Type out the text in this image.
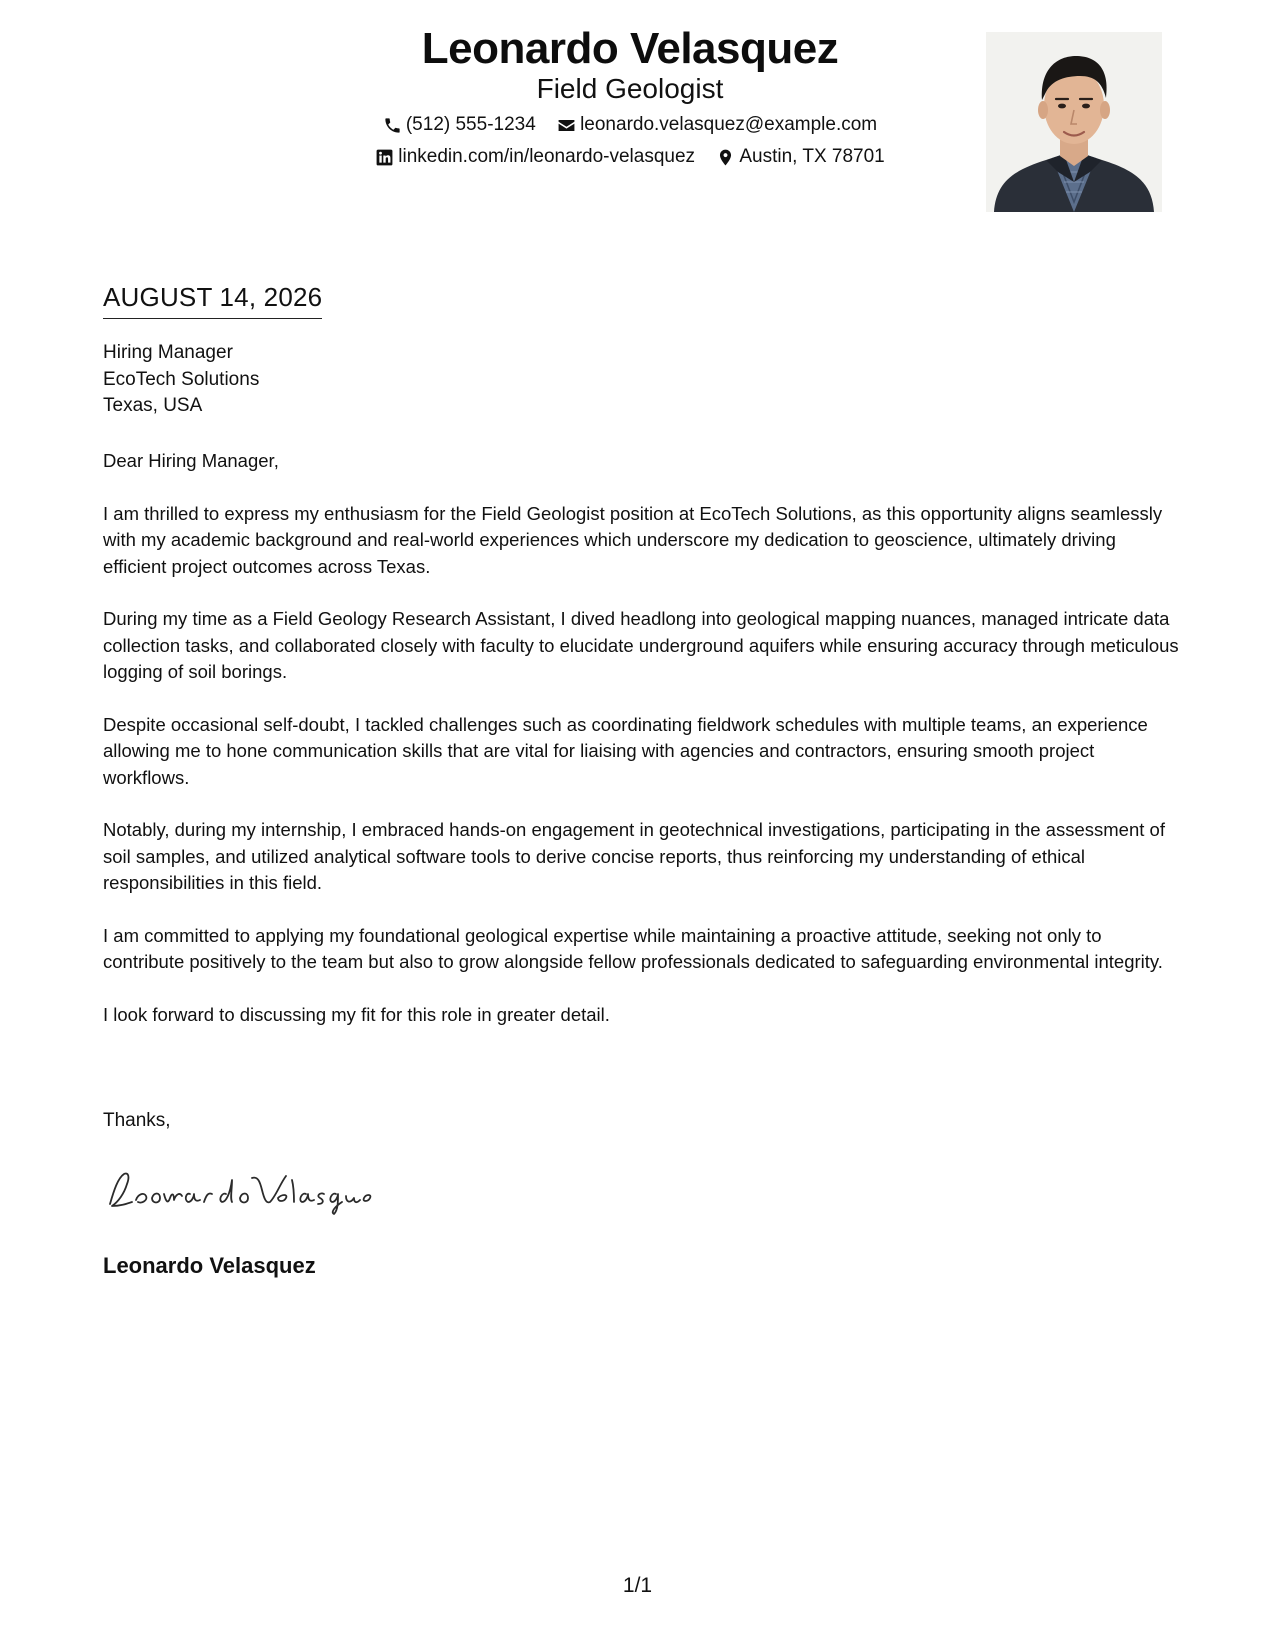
Leonardo Velasquez
Field Geologist
(512) 555-1234
leonardo.velasquez@example.com
linkedin.com/in/leonardo-velasquez
Austin, TX 78701
AUGUST 14, 2026
Hiring Manager
EcoTech Solutions
Texas, USA

Dear Hiring Manager,

I am thrilled to express my enthusiasm for the Field Geologist position at EcoTech Solutions, as this opportunity aligns seamlessly with my academic background and real-world experiences which underscore my dedication to geoscience, ultimately driving efficient project outcomes across Texas.

During my time as a Field Geology Research Assistant, I dived headlong into geological mapping nuances, managed intricate data collection tasks, and collaborated closely with faculty to elucidate underground aquifers while ensuring accuracy through meticulous logging of soil borings.

Despite occasional self-doubt, I tackled challenges such as coordinating fieldwork schedules with multiple teams, an experience allowing me to hone communication skills that are vital for liaising with agencies and contractors, ensuring smooth project workflows.

Notably, during my internship, I embraced hands-on engagement in geotechnical investigations, participating in the assessment of soil samples, and utilized analytical software tools to derive concise reports, thus reinforcing my understanding of ethical responsibilities in this field.

I am committed to applying my foundational geological expertise while maintaining a proactive attitude, seeking not only to contribute positively to the team but also to grow alongside fellow professionals dedicated to safeguarding environmental integrity.

I look forward to discussing my fit for this role in greater detail.

Thanks,
Leonardo Velasquez
1/1
